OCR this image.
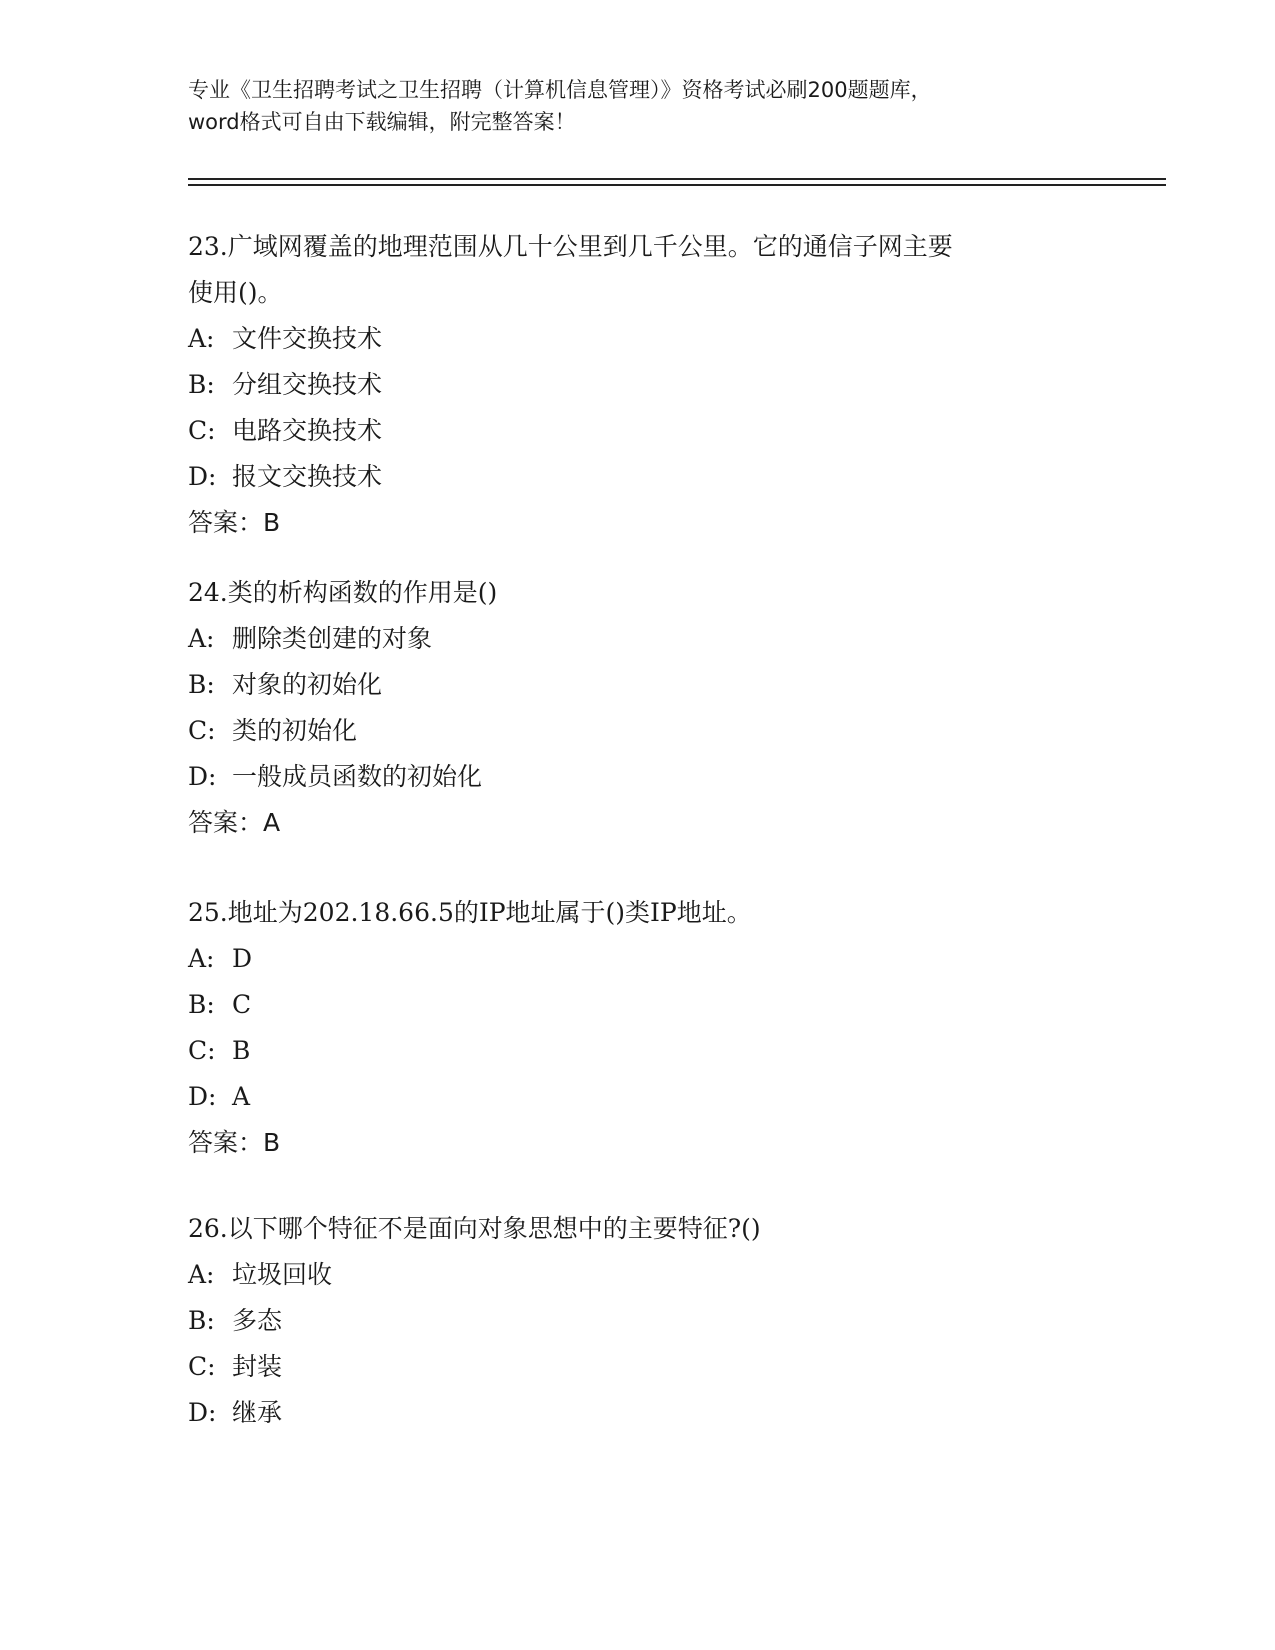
专业《卫生招聘考试之卫生招聘（计算机信息管理）》资格考试必刷200题题库，
word格式可自由下载编辑，附完整答案！
23.广域网覆盖的地理范围从几十公里到几千公里。它的通信子网主要
使用()。
A: 文件交换技术
B: 分组交换技术
C: 电路交换技术
D: 报文交换技术
答案：B
24.类的析构函数的作用是()
A: 删除类创建的对象
B: 对象的初始化
C: 类的初始化
D: 一般成员函数的初始化
答案：A
25.地址为202.18.66.5的IP地址属于()类IP地址。
A: D
B: C
C: B
D: A
答案：B
26.以下哪个特征不是面向对象思想中的主要特征?()
A: 垃圾回收
B: 多态
C: 封装
D: 继承
